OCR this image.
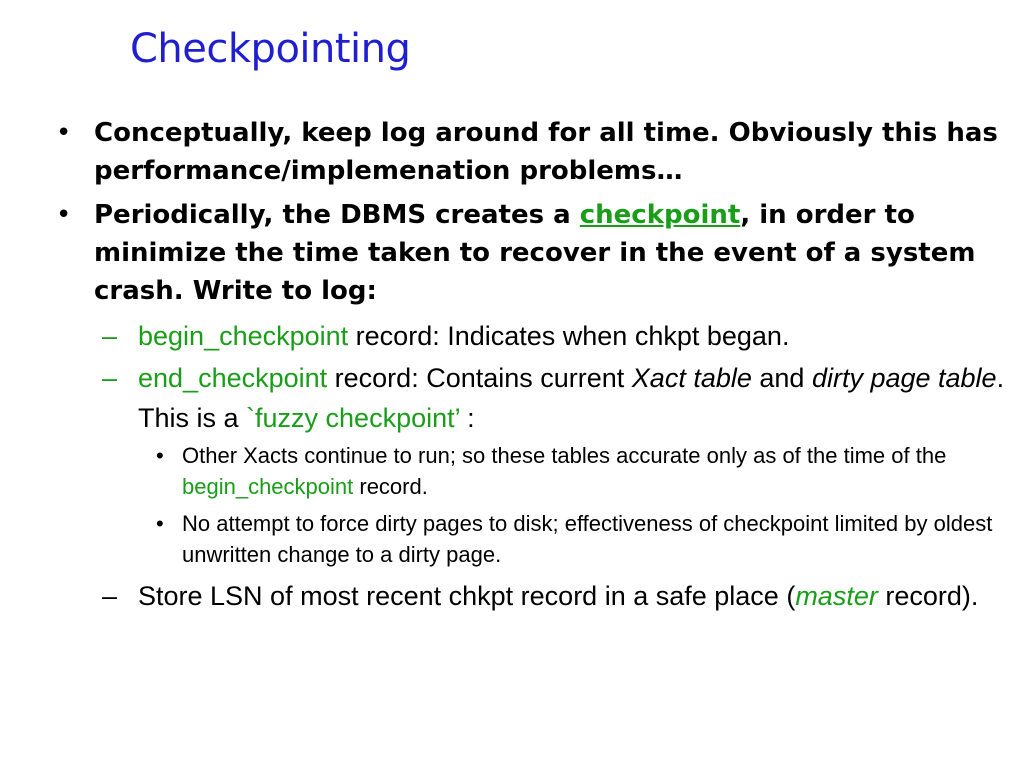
Checkpointing
• Conceptually, keep log around for all time. Obviously this has performance/implemenation problems…
• Periodically, the DBMS creates a checkpoint, in order to minimize the time taken to recover in the event of a system crash. Write to log:
– begin_checkpoint record: Indicates when chkpt began.
– end_checkpoint record: Contains current Xact table and dirty page table. This is a `fuzzy checkpoint’ :
• Other Xacts continue to run; so these tables accurate only as of the time of the begin_checkpoint record.
• No attempt to force dirty pages to disk; effectiveness of checkpoint limited by oldest unwritten change to a dirty page.
– Store LSN of most recent chkpt record in a safe place (master record).
